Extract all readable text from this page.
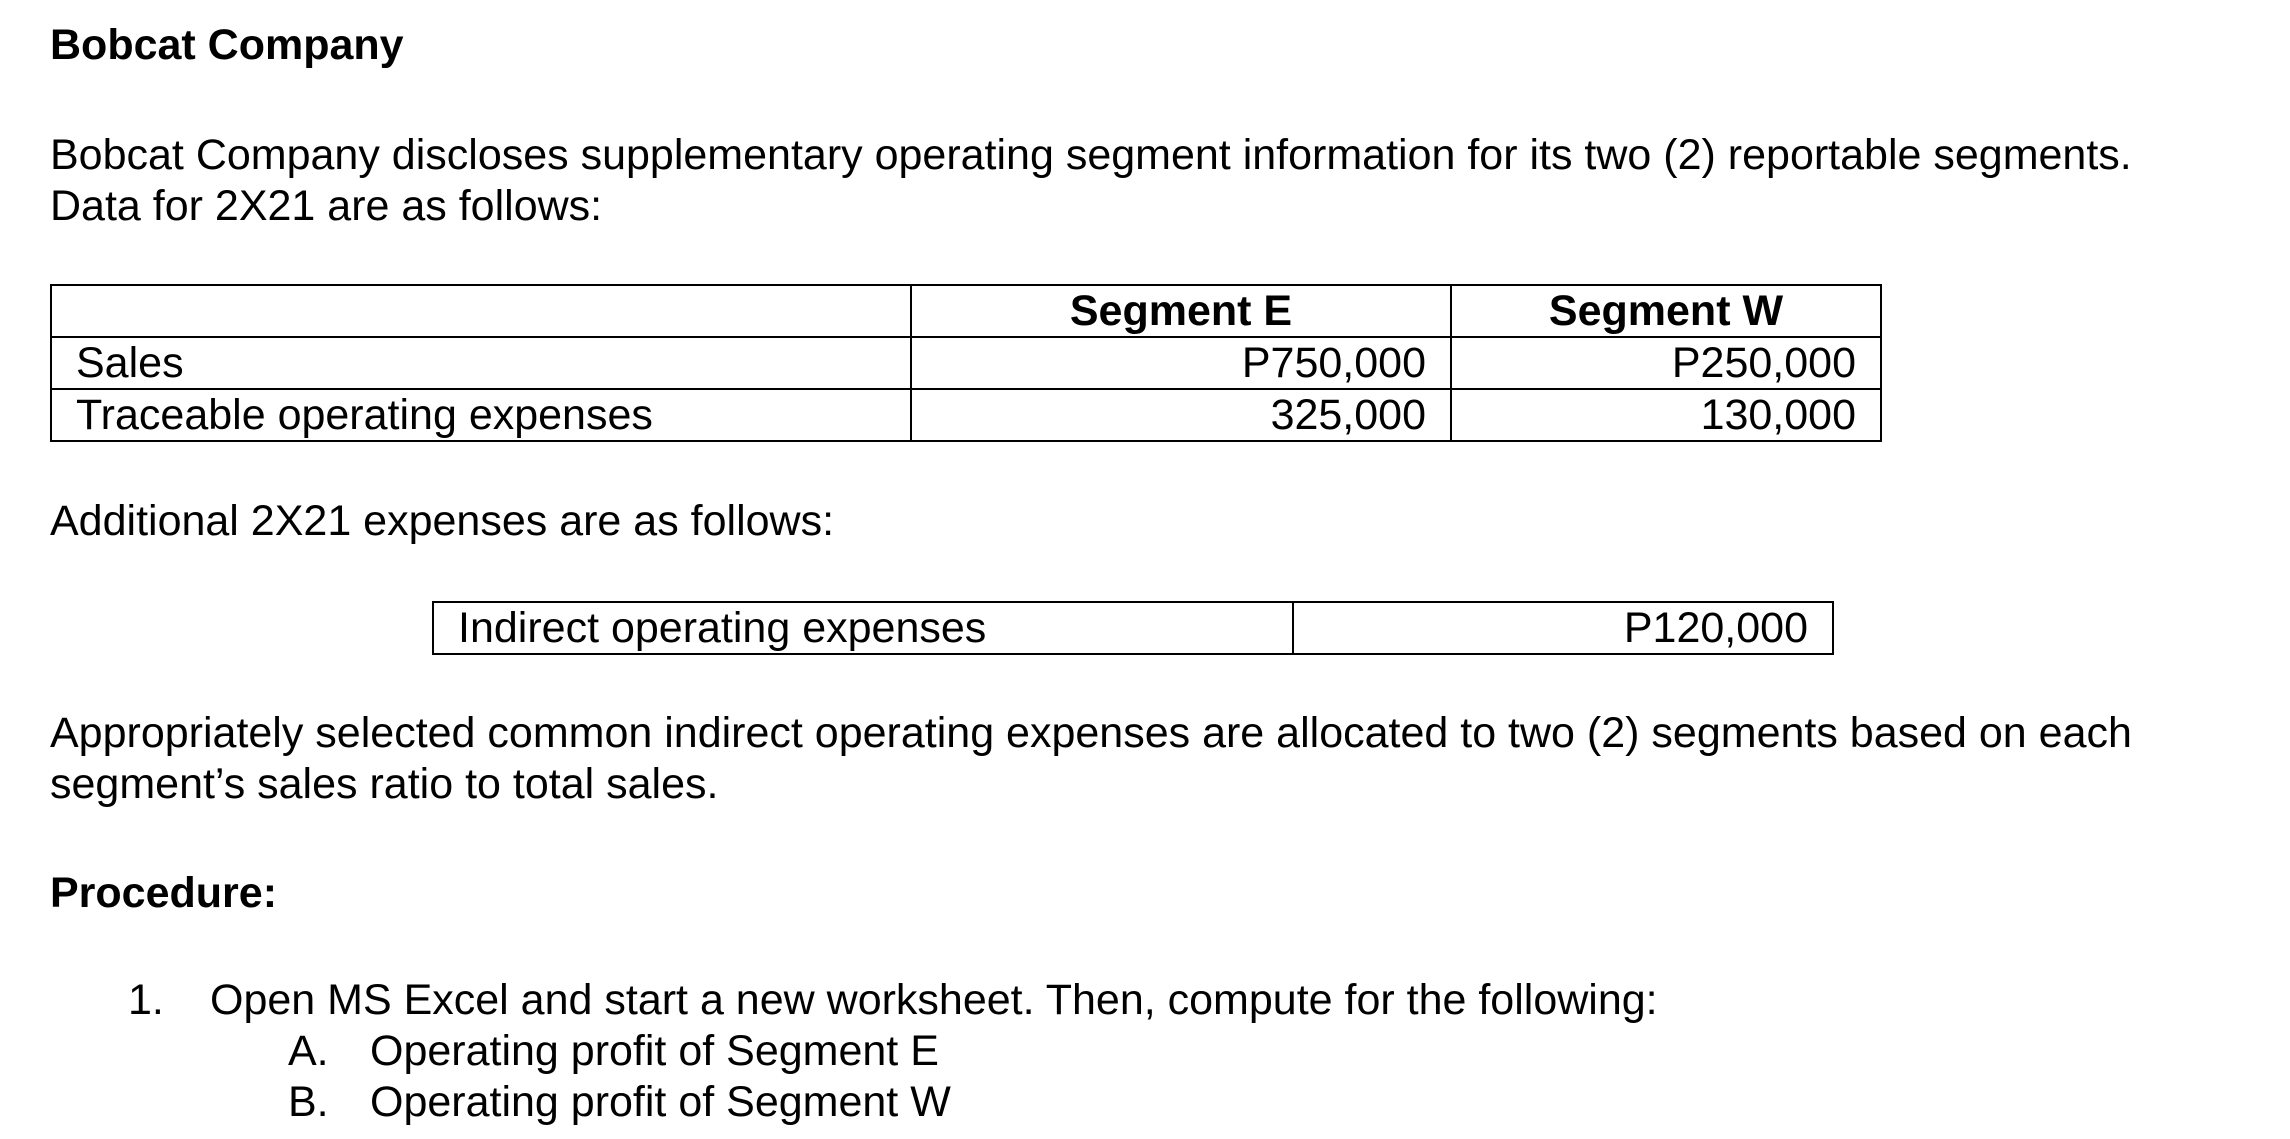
Bobcat Company
Bobcat Company discloses supplementary operating segment information for its two (2) reportable segments.
Data for 2X21 are as follows:
	Segment E	Segment W
Sales	P750,000	P250,000
Traceable operating expenses	325,000	130,000
Additional 2X21 expenses are as follows:
Indirect operating expenses	P120,000
Appropriately selected common indirect operating expenses are allocated to two (2) segments based on each
segment’s sales ratio to total sales.
Procedure:
1. Open MS Excel and start a new worksheet. Then, compute for the following:
A. Operating profit of Segment E
B. Operating profit of Segment W
